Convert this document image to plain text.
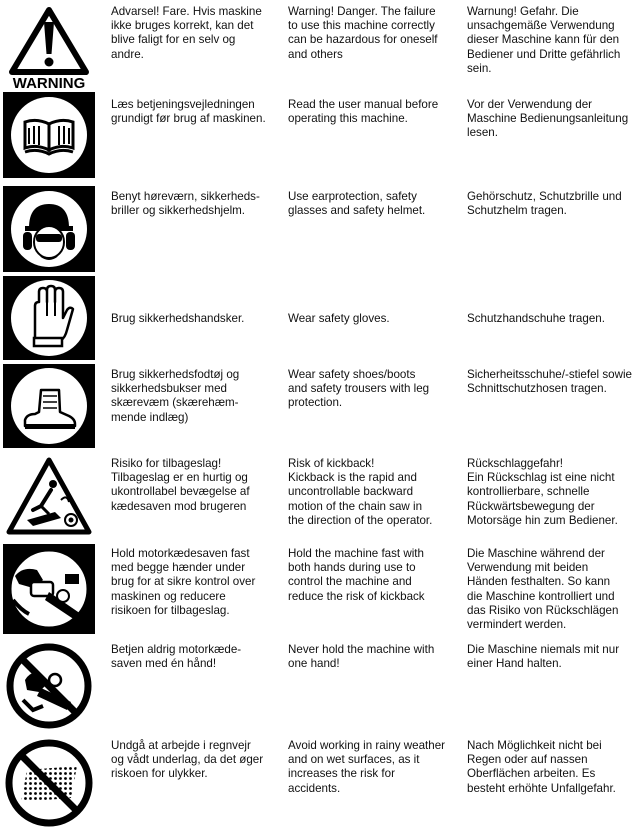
WARNING

Advarsel! Fare. Hvis maskine
ikke bruges korrekt, kan det
blive faligt for en selv og
andre.

Warning! Danger. The failure
to use this machine correctly
can be hazardous for oneself
and others

Warnung! Gefahr. Die
unsachgemäße Verwendung
dieser Maschine kann für den
Bediener und Dritte gefährlich
sein.

Læs betjeningsvejledningen
grundigt før brug af maskinen.

Read the user manual before
operating this machine.

Vor der Verwendung der
Maschine Bedienungsanleitung
lesen.

Benyt høreværn, sikkerheds-
briller og sikkerhedshjelm.

Use earprotection, safety
glasses and safety helmet.

Gehörschutz, Schutzbrille und
Schutzhelm tragen.

Brug sikkerhedshandsker.	Wear safety gloves.	Schutzhandschuhe tragen.

Brug sikkerhedsfodtøj og
sikkerhedsbukser med
skærevæm (skærehæm-
mende indlæg)

Wear safety shoes/boots
and safety trousers with leg
protection.

Sicherheitsschuhe/-stiefel sowie
Schnittschutzhosen tragen.

Risiko for tilbageslag!
Tilbageslag er en hurtig og
ukontrollabel bevægelse af
kædesaven mod brugeren

Risk of kickback!
Kickback is the rapid and
uncontrollable backward
motion of the chain saw in
the direction of the operator.

Rückschlaggefahr!
Ein Rückschlag ist eine nicht
kontrollierbare, schnelle
Rückwärtsbewegung der
Motorsäge hin zum Bediener.

Hold motorkædesaven fast
med begge hænder under
brug for at sikre kontrol over
maskinen og reducere
risikoen for tilbageslag.

Hold the machine fast with
both hands during use to
control the machine and
reduce the risk of kickback

Die Maschine während der
Verwendung mit beiden
Händen festhalten. So kann
die Maschine kontrolliert und
das Risiko von Rückschlägen
vermindert werden.

Betjen aldrig motorkæde-
saven med én hånd!

Never hold the machine with
one hand!

Die Maschine niemals mit nur
einer Hand halten.

Undgå at arbejde i regnvejr
og vådt underlag, da det øger
riskoen for ulykker.

Avoid working in rainy weather
and on wet surfaces, as it
increases the risk for
accidents.

Nach Möglichkeit nicht bei
Regen oder auf nassen
Oberflächen arbeiten. Es
besteht erhöhte Unfallgefahr.
